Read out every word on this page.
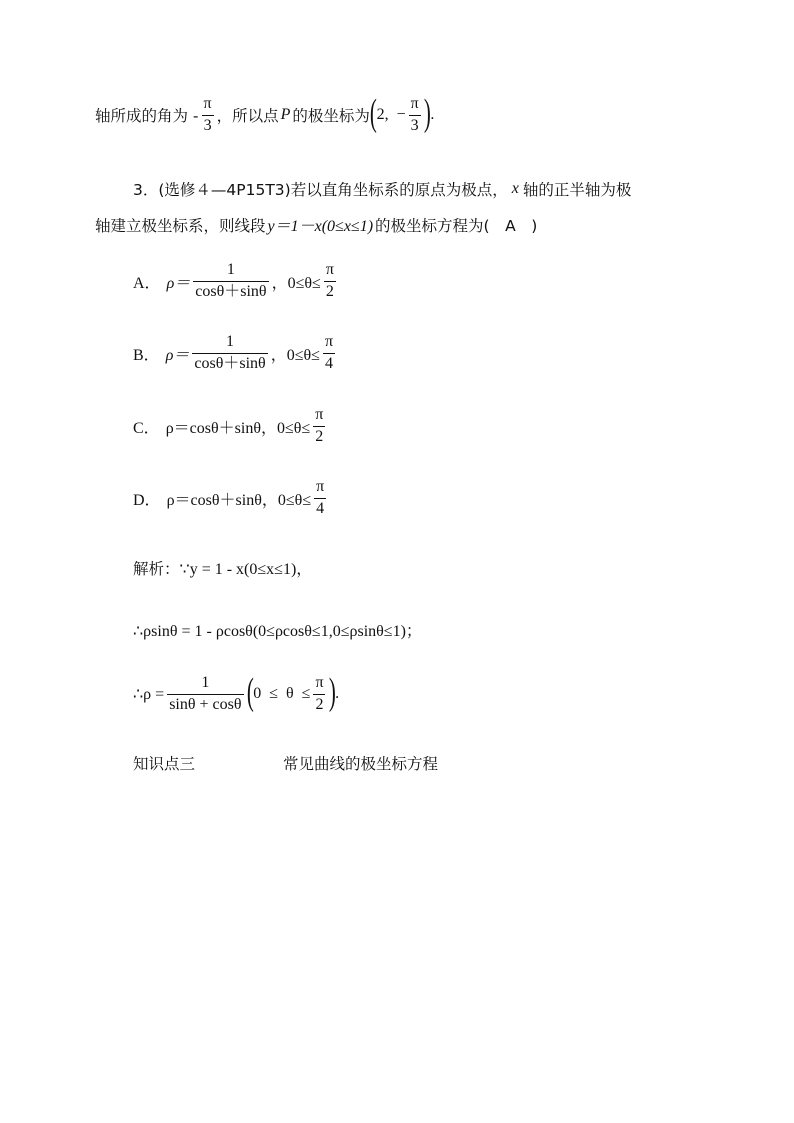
轴所成的角为 - $\frac{\pi}{3}$ ，所以点 P 的极坐标为 ( 2,  − $\frac{\pi}{3}$ ) .
3．(选修４—4P15T3) 若以直角坐标系的原点为极点， x 轴的正半轴为极
轴建立极坐标系，则线段 y＝1－x(0≤x≤1) 的极坐标方程为(　A　)
A． $\rho= \frac{1}{\cos\theta+\sin\theta}$ ，$0\le\theta\le \frac{\pi}{2}$
B． $\rho= \frac{1}{\cos\theta+\sin\theta}$ ，$0\le\theta\le \frac{\pi}{4}$
C． ρ＝cosθ＋sinθ ，$0\le\theta\le \frac{\pi}{2}$
D． ρ＝cosθ＋sinθ ，$0\le\theta\le \frac{\pi}{4}$
解析： ∵y = 1 - x(0≤x≤1)，
∴ρsinθ = 1 - ρcosθ(0≤ρcosθ≤1,0≤ρsinθ≤1)；
∴ρ = $\frac{1}{\sin\theta + \cos\theta}$ ( $0 \le \theta \le \frac{\pi}{2}$ ) .
知识点三	常见曲线的极坐标方程
